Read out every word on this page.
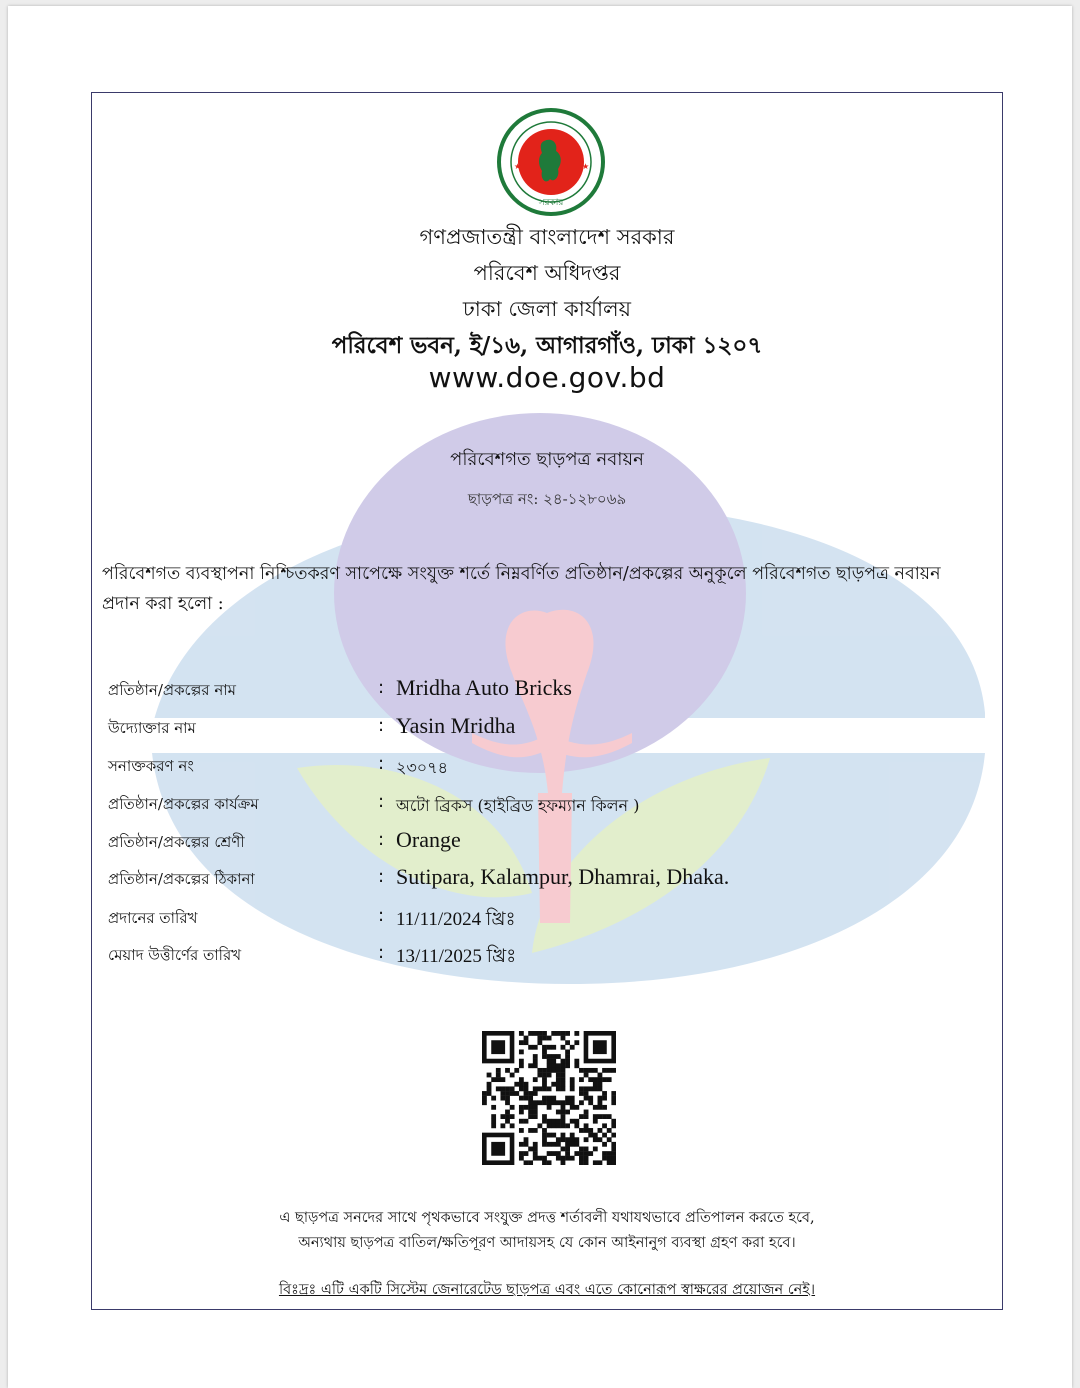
সরকার
★	★
গণপ্রজাতন্ত্রী বাংলাদেশ সরকার
পরিবেশ অধিদপ্তর
ঢাকা জেলা কার্যালয়
পরিবেশ ভবন, ই/১৬, আগারগাঁও, ঢাকা ১২০৭
www.doe.gov.bd
পরিবেশগত ছাড়পত্র নবায়ন
ছাড়পত্র নং: ২৪-১২৮০৬৯
পরিবেশগত ব্যবস্থাপনা নিশ্চিতকরণ সাপেক্ষে সংযুক্ত শর্তে নিম্নবর্ণিত প্রতিষ্ঠান/প্রকল্পের অনুকূলে পরিবেশগত ছাড়পত্র নবায়ন প্রদান করা হলো :
প্রতিষ্ঠান/প্রকল্পের নাম	: Mridha Auto Bricks
উদ্যোক্তার নাম	: Yasin Mridha
সনাক্তকরণ নং	: ২৩০৭৪
প্রতিষ্ঠান/প্রকল্পের কার্যক্রম	: অটো ব্রিকস (হাইব্রিড হফম্যান কিলন )
প্রতিষ্ঠান/প্রকল্পের শ্রেণী	: Orange
প্রতিষ্ঠান/প্রকল্পের ঠিকানা	: Sutipara, Kalampur, Dhamrai, Dhaka.
প্রদানের তারিখ	: 11/11/2024 খ্রিঃ
মেয়াদ উত্তীর্ণের তারিখ	: 13/11/2025 খ্রিঃ
এ ছাড়পত্র সনদের সাথে পৃথকভাবে সংযুক্ত প্রদত্ত শর্তাবলী যথাযথভাবে প্রতিপালন করতে হবে,
অন্যথায় ছাড়পত্র বাতিল/ক্ষতিপূরণ আদায়সহ যে কোন আইনানুগ ব্যবস্থা গ্রহণ করা হবে।
বিঃদ্রঃ এটি একটি সিস্টেম জেনারেটেড ছাড়পত্র এবং এতে কোনোরূপ স্বাক্ষরের প্রয়োজন নেই।
